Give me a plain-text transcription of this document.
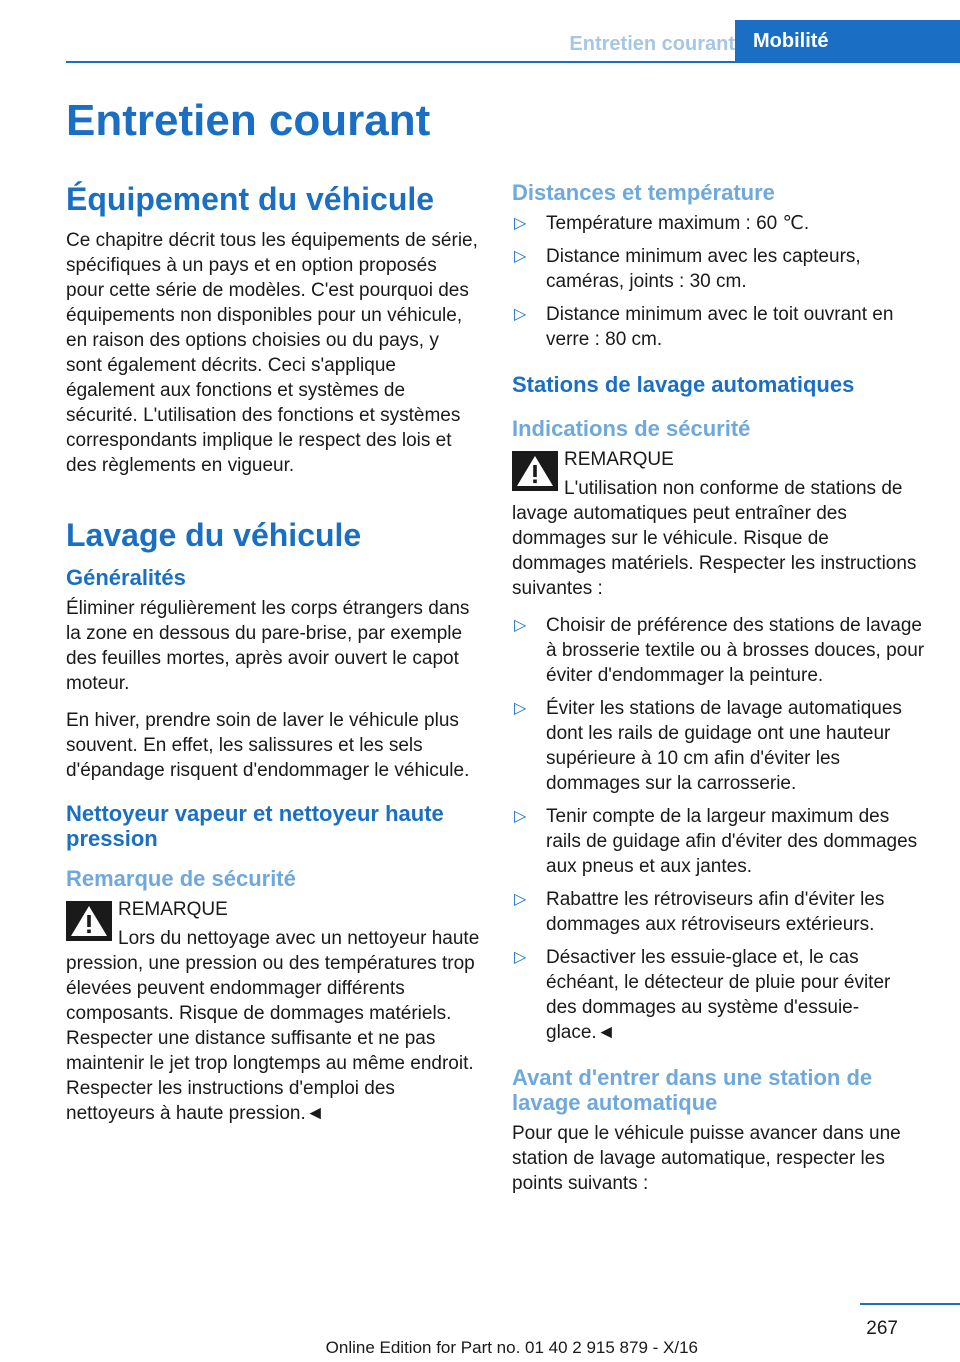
Entretien courant Mobilité
Entretien courant
Équipement du véhicule

Ce chapitre décrit tous les équipements de série, spécifiques à un pays et en option proposés pour cette série de modèles. C'est pourquoi des équipements non disponibles pour un véhicule, en raison des options choisies ou du pays, y sont également décrits. Ceci s'applique également aux fonctions et systèmes de sécurité. L'utilisation des fonctions et systèmes correspondants implique le respect des lois et des règlements en vigueur.

Lavage du véhicule
Généralités

Éliminer régulièrement les corps étrangers dans la zone en dessous du pare-brise, par exemple des feuilles mortes, après avoir ouvert le capot moteur.

En hiver, prendre soin de laver le véhicule plus souvent. En effet, les salissures et les sels d'épandage risquent d'endommager le véhicule.

Nettoyeur vapeur et nettoyeur haute pression
Remarque de sécurité
REMARQUE
Lors du nettoyage avec un nettoyeur haute pression, une pression ou des températures trop élevées peuvent endommager différents composants. Risque de dommages matériels. Respecter une distance suffisante et ne pas maintenir le jet trop longtemps au même endroit. Respecter les instructions d'emploi des nettoyeurs à haute pression.◄
Distances et température
▷ Température maximum : 60 ℃.
▷ Distance minimum avec les capteurs, caméras, joints : 30 cm.
▷ Distance minimum avec le toit ouvrant en verre : 80 cm.
Stations de lavage automatiques
Indications de sécurité
REMARQUE
L'utilisation non conforme de stations de lavage automatiques peut entraîner des dommages sur le véhicule. Risque de dommages matériels. Respecter les instructions suivantes :
▷ Choisir de préférence des stations de lavage à brosserie textile ou à brosses douces, pour éviter d'endommager la peinture.
▷ Éviter les stations de lavage automatiques dont les rails de guidage ont une hauteur supérieure à 10 cm afin d'éviter les dommages sur la carrosserie.
▷ Tenir compte de la largeur maximum des rails de guidage afin d'éviter des dommages aux pneus et aux jantes.
▷ Rabattre les rétroviseurs afin d'éviter les dommages aux rétroviseurs extérieurs.
▷ Désactiver les essuie-glace et, le cas échéant, le détecteur de pluie pour éviter des dommages au système d'essuie-glace.◄
Avant d'entrer dans une station de lavage automatique

Pour que le véhicule puisse avancer dans une station de lavage automatique, respecter les points suivants :

267
Online Edition for Part no. 01 40 2 915 879 - X/16
